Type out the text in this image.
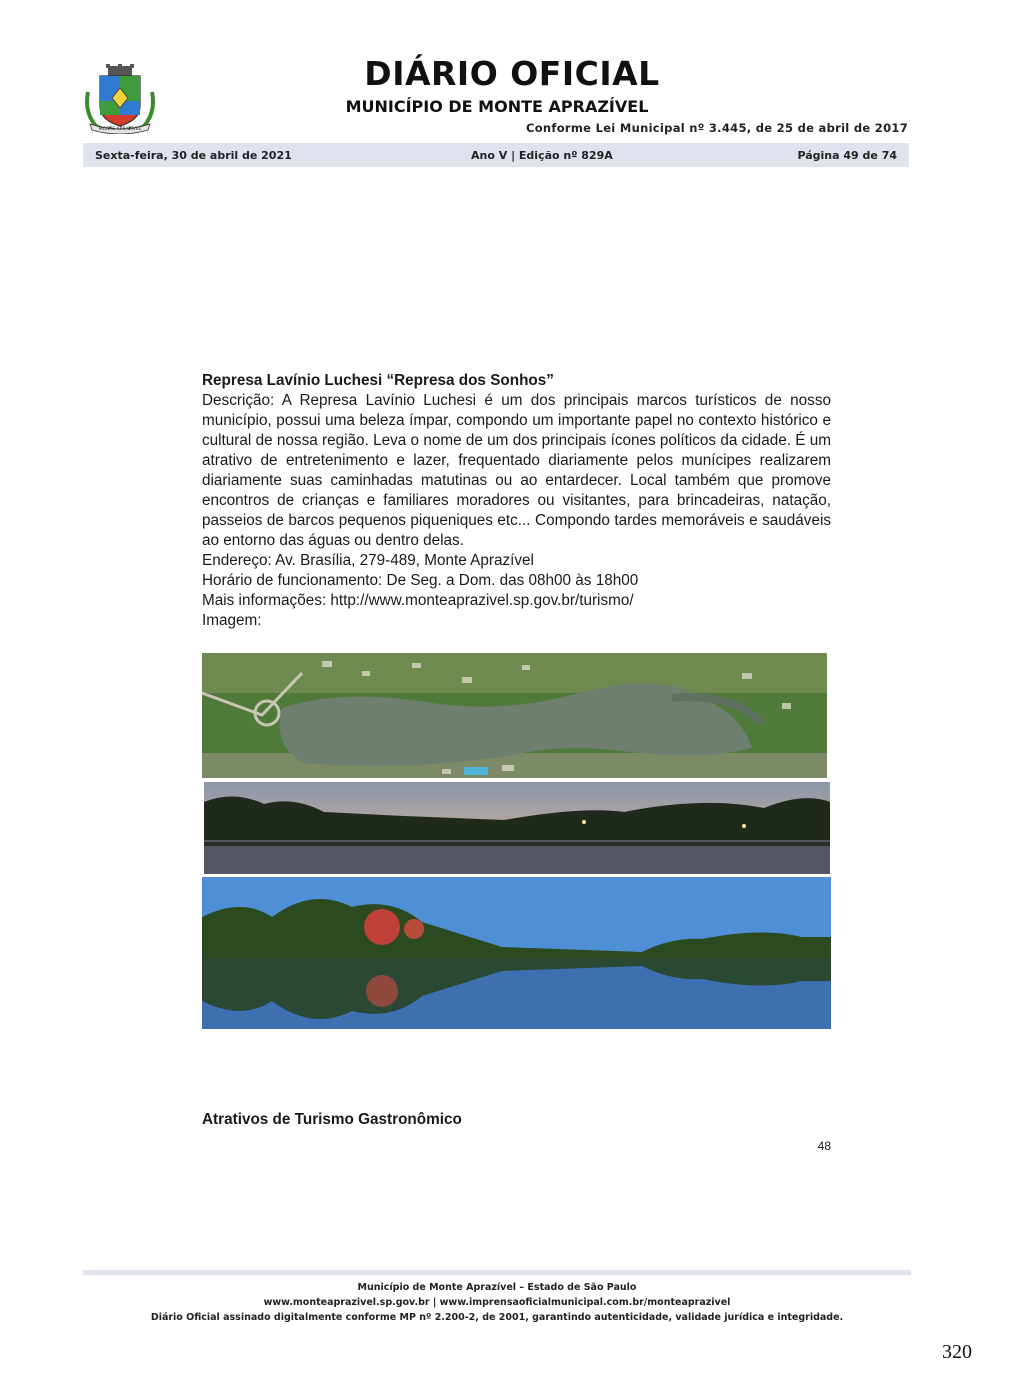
MONTE APRAZÍVEL
DIÁRIO OFICIAL
MUNICÍPIO DE MONTE APRAZÍVEL
Conforme Lei Municipal nº 3.445, de 25 de abril de 2017
Sexta-feira, 30 de abril de 2021	Ano V | Edição nº 829A	Página 49 de 74
Represa Lavínio Luchesi “Represa dos Sonhos”

Descrição: A Represa Lavínio Luchesi é um dos principais marcos turísticos de nosso município, possui uma beleza ímpar, compondo um importante papel no contexto histórico e cultural de nossa região. Leva o nome de um dos principais ícones políticos da cidade. É um atrativo de entretenimento e lazer, frequentado diariamente pelos munícipes realizarem diariamente suas caminhadas matutinas ou ao entardecer. Local também que promove encontros de crianças e familiares moradores ou visitantes, para brincadeiras, natação, passeios de barcos pequenos piqueniques etc... Compondo tardes memoráveis e saudáveis ao entorno das águas ou dentro delas.

Endereço: Av. Brasília, 279-489, Monte Aprazível
Horário de funcionamento: De Seg. a Dom. das 08h00 às 18h00
Mais informações: http://www.monteaprazivel.sp.gov.br/turismo/
Imagem:
Atrativos de Turismo Gastronômico
48
Município de Monte Aprazível – Estado de São Paulo
www.monteaprazivel.sp.gov.br | www.imprensaoficialmunicipal.com.br/monteaprazivel
Diário Oficial assinado digitalmente conforme MP nº 2.200-2, de 2001, garantindo autenticidade, validade jurídica e integridade.
320
